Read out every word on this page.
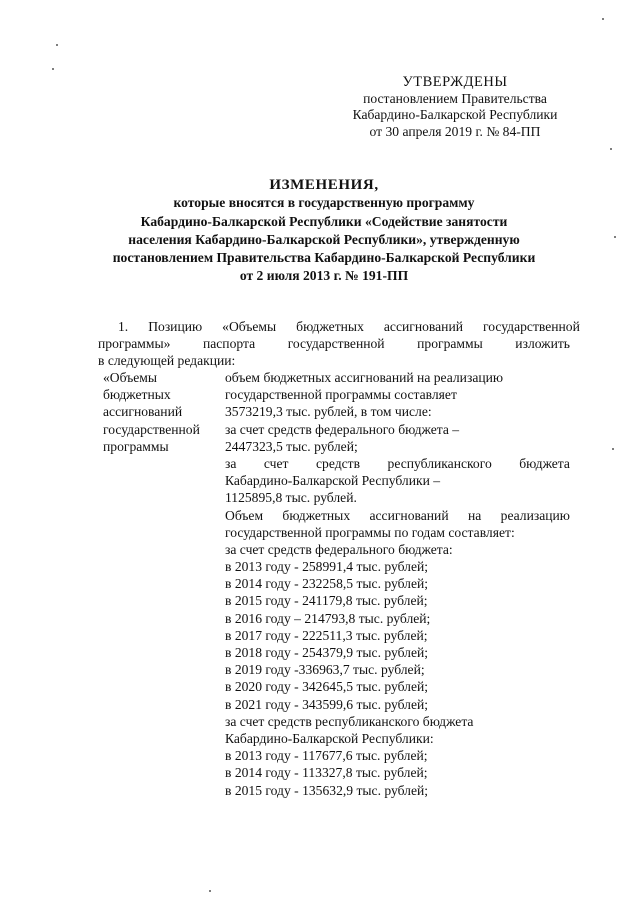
УТВЕРЖДЕНЫ
постановлением Правительства
Кабардино-Балкарской Республики
от 30 апреля 2019 г. № 84-ПП
ИЗМЕНЕНИЯ,
которые вносятся в государственную программу
Кабардино-Балкарской Республики «Содействие занятости
населения Кабардино-Балкарской Республики», утвержденную
постановлением Правительства Кабардино-Балкарской Республики
от 2 июля 2013 г. № 191-ПП
1.	Позицию	«Объемы	бюджетных	ассигнований	государственной
программы» паспорта государственной программы изложить
в следующей редакции:
«Объемы
бюджетных
ассигнований
государственной
программы
объем бюджетных ассигнований на реализацию
государственной программы составляет
3573219,3 тыс. рублей, в том числе:
за счет средств федерального бюджета –
2447323,5 тыс. рублей;
за счет средств республиканского бюджета
Кабардино-Балкарской Республики –
1125895,8 тыс. рублей.
Объем бюджетных ассигнований на реализацию
государственной программы по годам составляет:
за счет средств федерального бюджета:
в 2013 году - 258991,4 тыс. рублей;
в 2014 году - 232258,5 тыс. рублей;
в 2015 году - 241179,8 тыс. рублей;
в 2016 году – 214793,8 тыс. рублей;
в 2017 году - 222511,3 тыс. рублей;
в 2018 году - 254379,9 тыс. рублей;
в 2019 году -336963,7 тыс. рублей;
в 2020 году - 342645,5 тыс. рублей;
в 2021 году - 343599,6 тыс. рублей;
за счет средств республиканского бюджета
Кабардино-Балкарской Республики:
в 2013 году - 117677,6 тыс. рублей;
в 2014 году - 113327,8 тыс. рублей;
в 2015 году - 135632,9 тыс. рублей;
